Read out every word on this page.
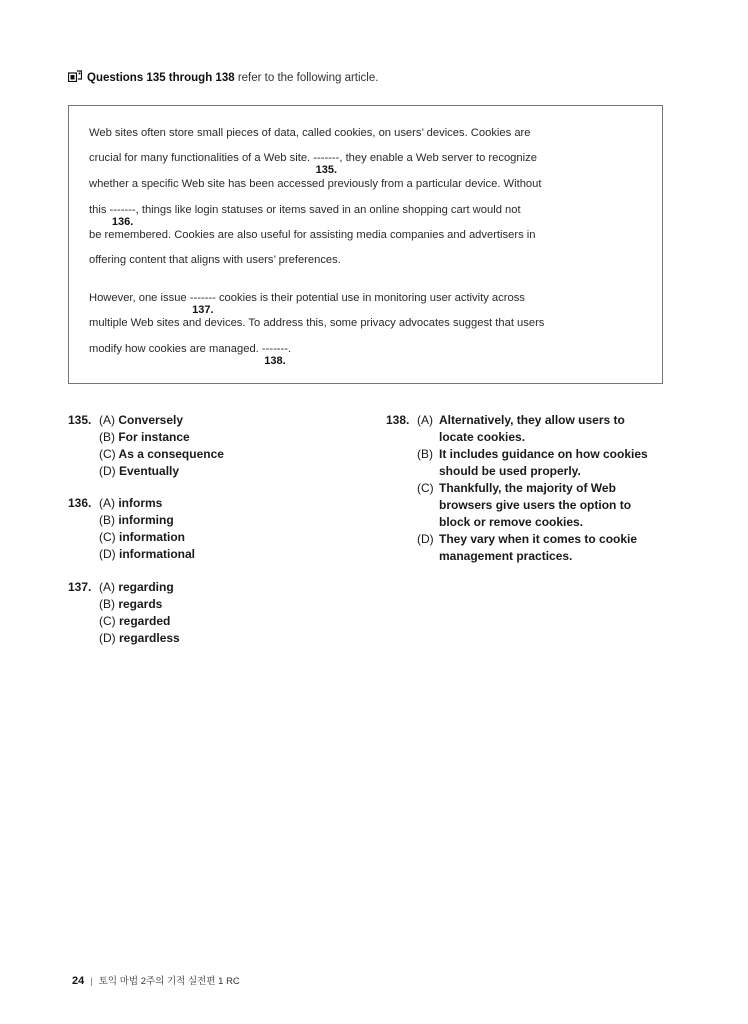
Questions 135 through 138 refer to the following article.
Web sites often store small pieces of data, called cookies, on users’ devices. Cookies are
crucial for many functionalities of a Web site. -------
135.
, they enable a Web server to recognize
whether a specific Web site has been accessed previously from a particular device. Without
this -------
136.
, things like login statuses or items saved in an online shopping cart would not
be remembered. Cookies are also useful for assisting media companies and advertisers in
offering content that aligns with users’ preferences.
However, one issue -------
137.
cookies is their potential use in monitoring user activity across
multiple Web sites and devices. To address this, some privacy advocates suggest that users
modify how cookies are managed. -------
138.
.
135. (A) Conversely
(B) For instance
(C) As a consequence
(D) Eventually
136. (A) informs
(B) informing
(C) information
(D) informational
137. (A) regarding
(B) regards
(C) regarded
(D) regardless
138. (A) Alternatively, they allow users to
locate cookies.
(B) It includes guidance on how cookies
should be used properly.
(C) Thankfully, the majority of Web
browsers give users the option to
block or remove cookies.
(D) They vary when it comes to cookie
management practices.
24 | 토익 마법 2주의 기적 실전편 1 RC
